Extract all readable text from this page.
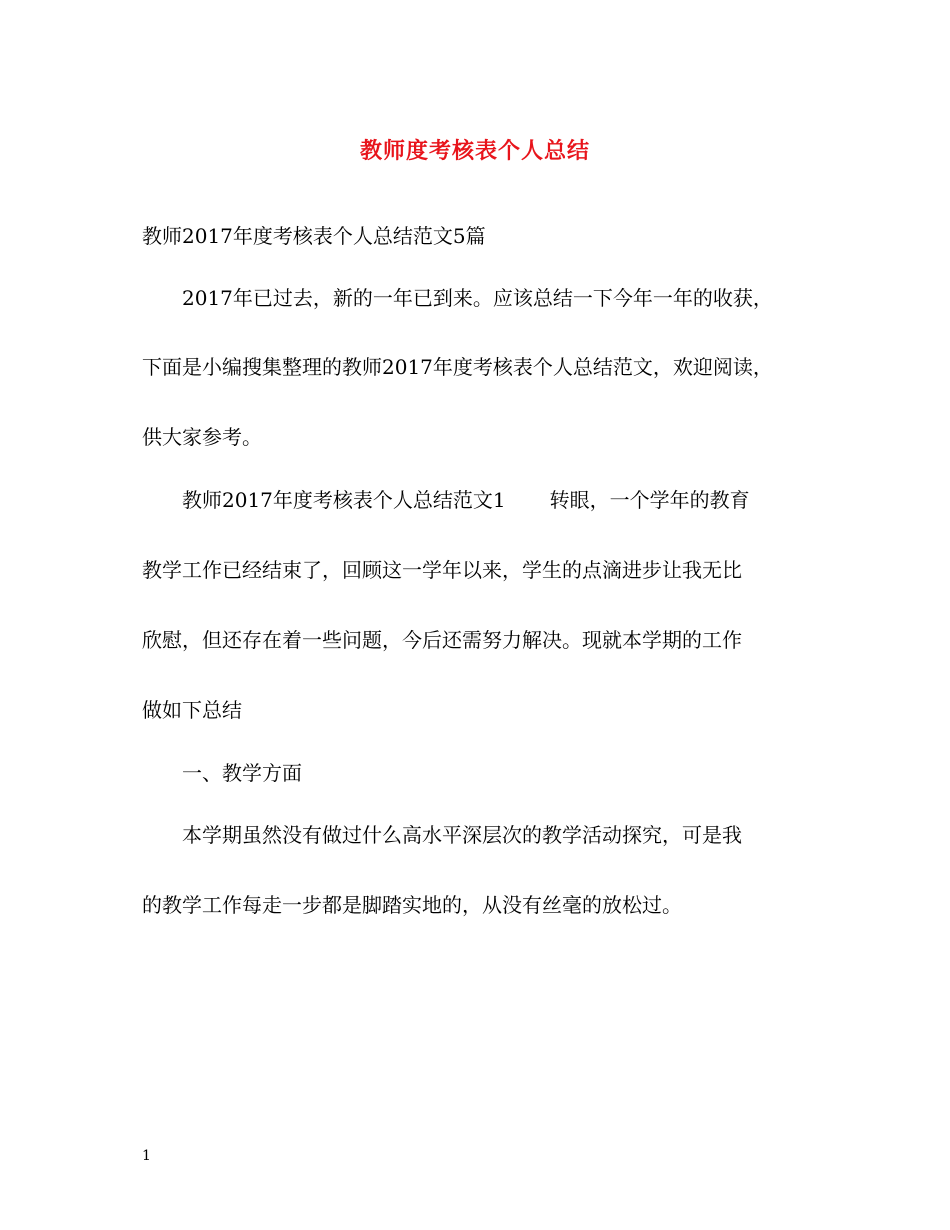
教师度考核表个人总结
教师2017年度考核表个人总结范文5篇
2017年已过去，新的一年已到来。应该总结一下今年一年的收获，
下面是小编搜集整理的教师2017年度考核表个人总结范文，欢迎阅读，
供大家参考。
教师2017年度考核表个人总结范文1 转眼，一个学年的教育
教学工作已经结束了，回顾这一学年以来，学生的点滴进步让我无比
欣慰，但还存在着一些问题，今后还需努力解决。现就本学期的工作
做如下总结
一、教学方面
本学期虽然没有做过什么高水平深层次的教学活动探究，可是我
的教学工作每走一步都是脚踏实地的，从没有丝毫的放松过。
1
